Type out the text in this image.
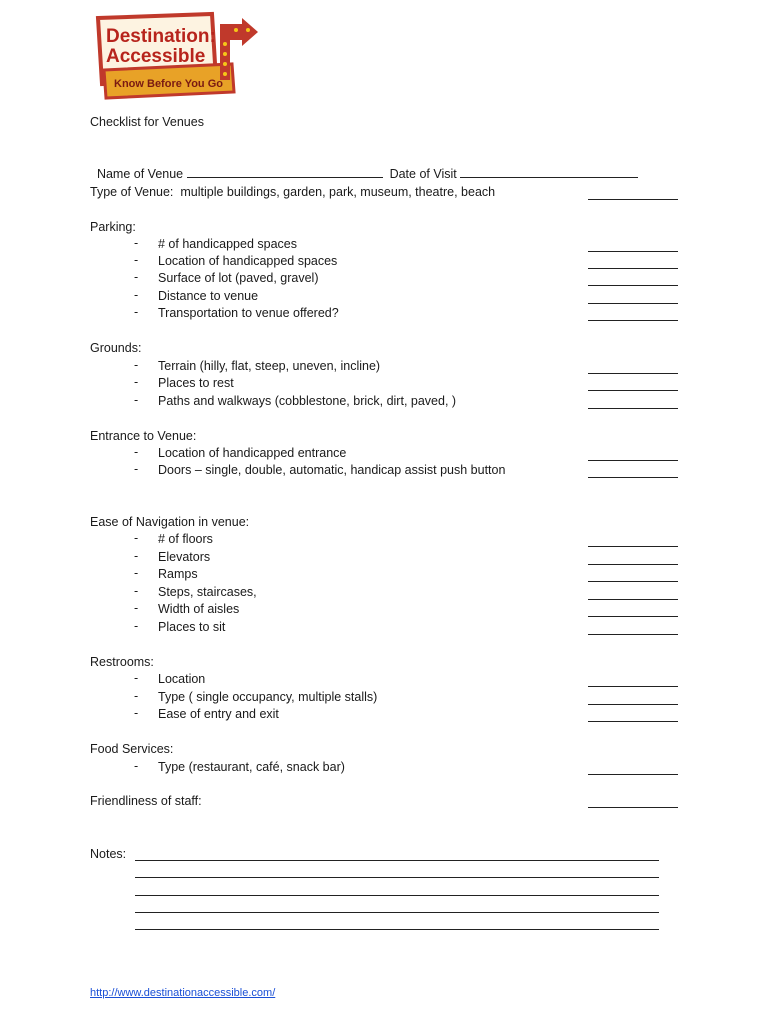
Destination:
Accessible
Know Before You Go
Checklist for Venues

Name of Venue	Date of Visit

Type of Venue:  multiple buildings, garden, park, museum, theatre, beach
Parking:
- # of handicapped spaces
- Location of handicapped spaces
- Surface of lot (paved, gravel)
- Distance to venue
- Transportation to venue offered?
Grounds:
- Terrain (hilly, flat, steep, uneven, incline)
- Places to rest
- Paths and walkways (cobblestone, brick, dirt, paved, )
Entrance to Venue:
- Location of handicapped entrance
- Doors – single, double, automatic, handicap assist push button
Ease of Navigation in venue:
- # of floors
- Elevators
- Ramps
- Steps, staircases,
- Width of aisles
- Places to sit
Restrooms:
- Location
- Type ( single occupancy, multiple stalls)
- Ease of entry and exit
Food Services:
- Type (restaurant, café, snack bar)
Friendliness of staff:
Notes:
http://www.destinationaccessible.com/
